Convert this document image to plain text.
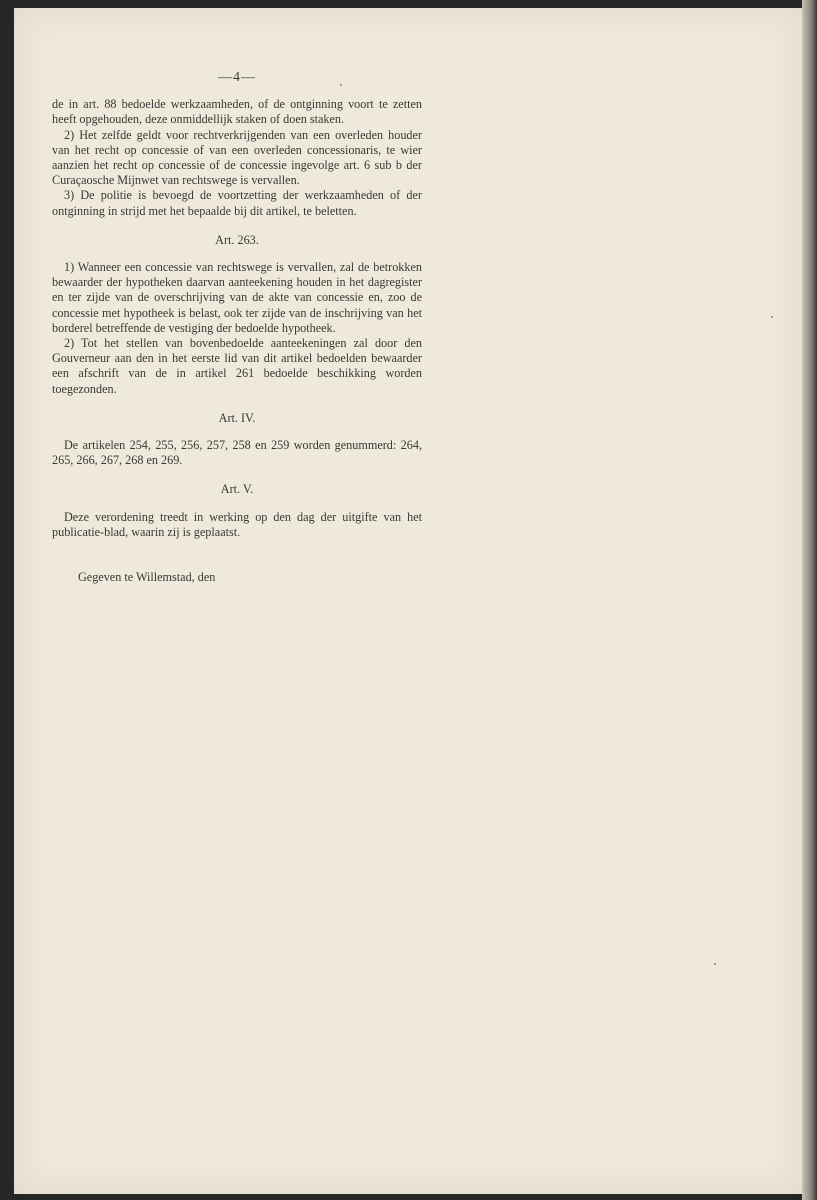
—4—

de in art. 88 bedoelde werkzaamheden, of de ontginning voort te zetten heeft opgehouden, deze onmiddellijk staken of doen staken.

2) Het zelfde geldt voor rechtverkrijgenden van een overleden houder van het recht op concessie of van een overleden concessionaris, te wier aanzien het recht op concessie of de concessie ingevolge art. 6 sub b der Curaçaosche Mijnwet van rechtswege is vervallen.

3) De politie is bevoegd de voortzetting der werkzaamheden of der ontginning in strijd met het bepaalde bij dit artikel, te beletten.

Art. 263.

1) Wanneer een concessie van rechtswege is vervallen, zal de betrokken bewaarder der hypotheken daarvan aanteekening houden in het dagregister en ter zijde van de overschrijving van de akte van concessie en, zoo de concessie met hypotheek is belast, ook ter zijde van de inschrijving van het borderel betreffende de vestiging der bedoelde hypotheek.

2) Tot het stellen van bovenbedoelde aanteekeningen zal door den Gouverneur aan den in het eerste lid van dit artikel bedoelden bewaarder een afschrift van de in artikel 261 bedoelde beschikking worden toegezonden.

Art. IV.

De artikelen 254, 255, 256, 257, 258 en 259 worden genummerd: 264, 265, 266, 267, 268 en 269.

Art. V.

Deze verordening treedt in werking op den dag der uitgifte van het publicatie-blad, waarin zij is geplaatst.

Gegeven te Willemstad, den
